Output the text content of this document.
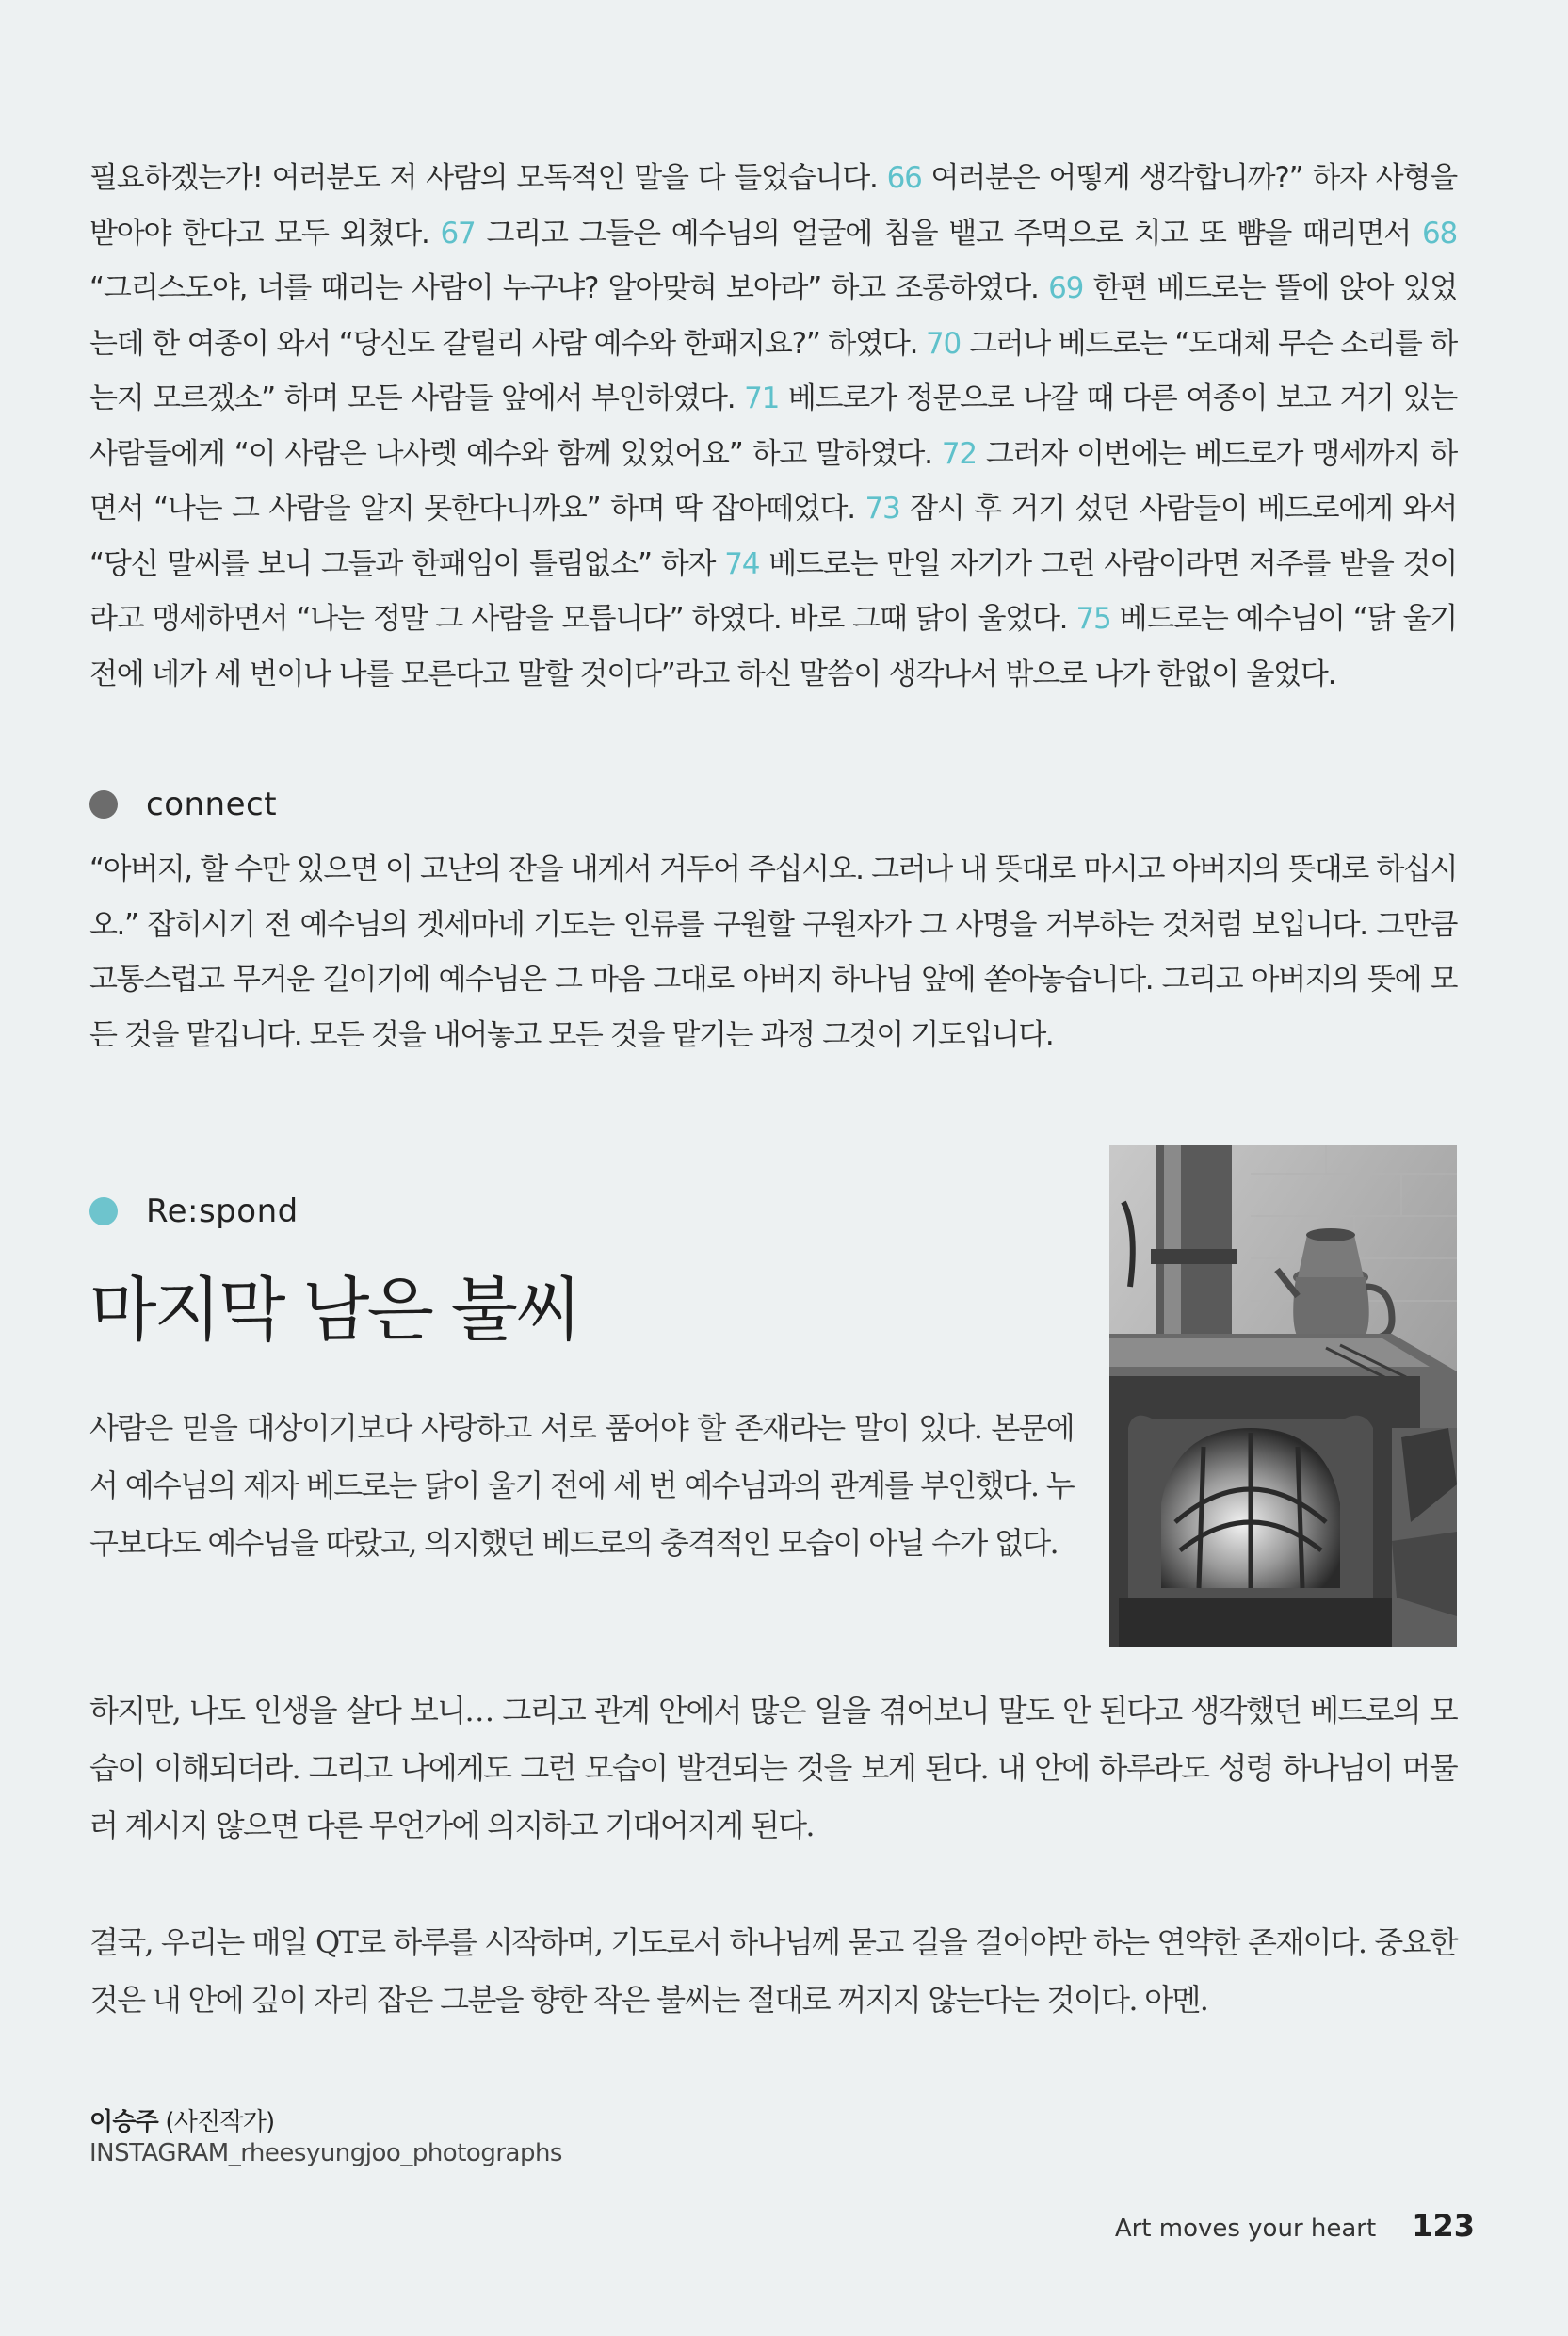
필요하겠는가! 여러분도 저 사람의 모독적인 말을 다 들었습니다. 66 여러분은 어떻게 생각합니까?” 하자 사형을 받아야 한다고 모두 외쳤다. 67 그리고 그들은 예수님의 얼굴에 침을 뱉고 주먹으로 치고 또 뺨을 때리면서 68 “그리스도야, 너를 때리는 사람이 누구냐? 알아맞혀 보아라” 하고 조롱하였다. 69 한편 베드로는 뜰에 앉아 있었는데 한 여종이 와서 “당신도 갈릴리 사람 예수와 한패지요?” 하였다. 70 그러나 베드로는 “도대체 무슨 소리를 하는지 모르겠소” 하며 모든 사람들 앞에서 부인하였다. 71 베드로가 정문으로 나갈 때 다른 여종이 보고 거기 있는 사람들에게 “이 사람은 나사렛 예수와 함께 있었어요” 하고 말하였다. 72 그러자 이번에는 베드로가 맹세까지 하면서 “나는 그 사람을 알지 못한다니까요” 하며 딱 잡아떼었다. 73 잠시 후 거기 섰던 사람들이 베드로에게 와서 “당신 말씨를 보니 그들과 한패임이 틀림없소” 하자 74 베드로는 만일 자기가 그런 사람이라면 저주를 받을 것이라고 맹세하면서 “나는 정말 그 사람을 모릅니다” 하였다. 바로 그때 닭이 울었다. 75 베드로는 예수님이 “닭 울기 전에 네가 세 번이나 나를 모른다고 말할 것이다”라고 하신 말씀이 생각나서 밖으로 나가 한없이 울었다.
connect
“아버지, 할 수만 있으면 이 고난의 잔을 내게서 거두어 주십시오. 그러나 내 뜻대로 마시고 아버지의 뜻대로 하십시오.” 잡히시기 전 예수님의 겟세마네 기도는 인류를 구원할 구원자가 그 사명을 거부하는 것처럼 보입니다. 그만큼 고통스럽고 무거운 길이기에 예수님은 그 마음 그대로 아버지 하나님 앞에 쏟아놓습니다. 그리고 아버지의 뜻에 모든 것을 맡깁니다. 모든 것을 내어놓고 모든 것을 맡기는 과정 그것이 기도입니다.
Re:spond
마지막 남은 불씨
사람은 믿을 대상이기보다 사랑하고 서로 품어야 할 존재라는 말이 있다. 본문에서 예수님의 제자 베드로는 닭이 울기 전에 세 번 예수님과의 관계를 부인했다. 누구보다도 예수님을 따랐고, 의지했던 베드로의 충격적인 모습이 아닐 수가 없다.
하지만, 나도 인생을 살다 보니… 그리고 관계 안에서 많은 일을 겪어보니 말도 안 된다고 생각했던 베드로의 모습이 이해되더라. 그리고 나에게도 그런 모습이 발견되는 것을 보게 된다. 내 안에 하루라도 성령 하나님이 머물러 계시지 않으면 다른 무언가에 의지하고 기대어지게 된다.
결국, 우리는 매일 QT로 하루를 시작하며, 기도로서 하나님께 묻고 길을 걸어야만 하는 연약한 존재이다. 중요한 것은 내 안에 깊이 자리 잡은 그분을 향한 작은 불씨는 절대로 꺼지지 않는다는 것이다. 아멘.
이승주 (사진작가)
INSTAGRAM_rheesyungjoo_photographs
Art moves your heart 123
